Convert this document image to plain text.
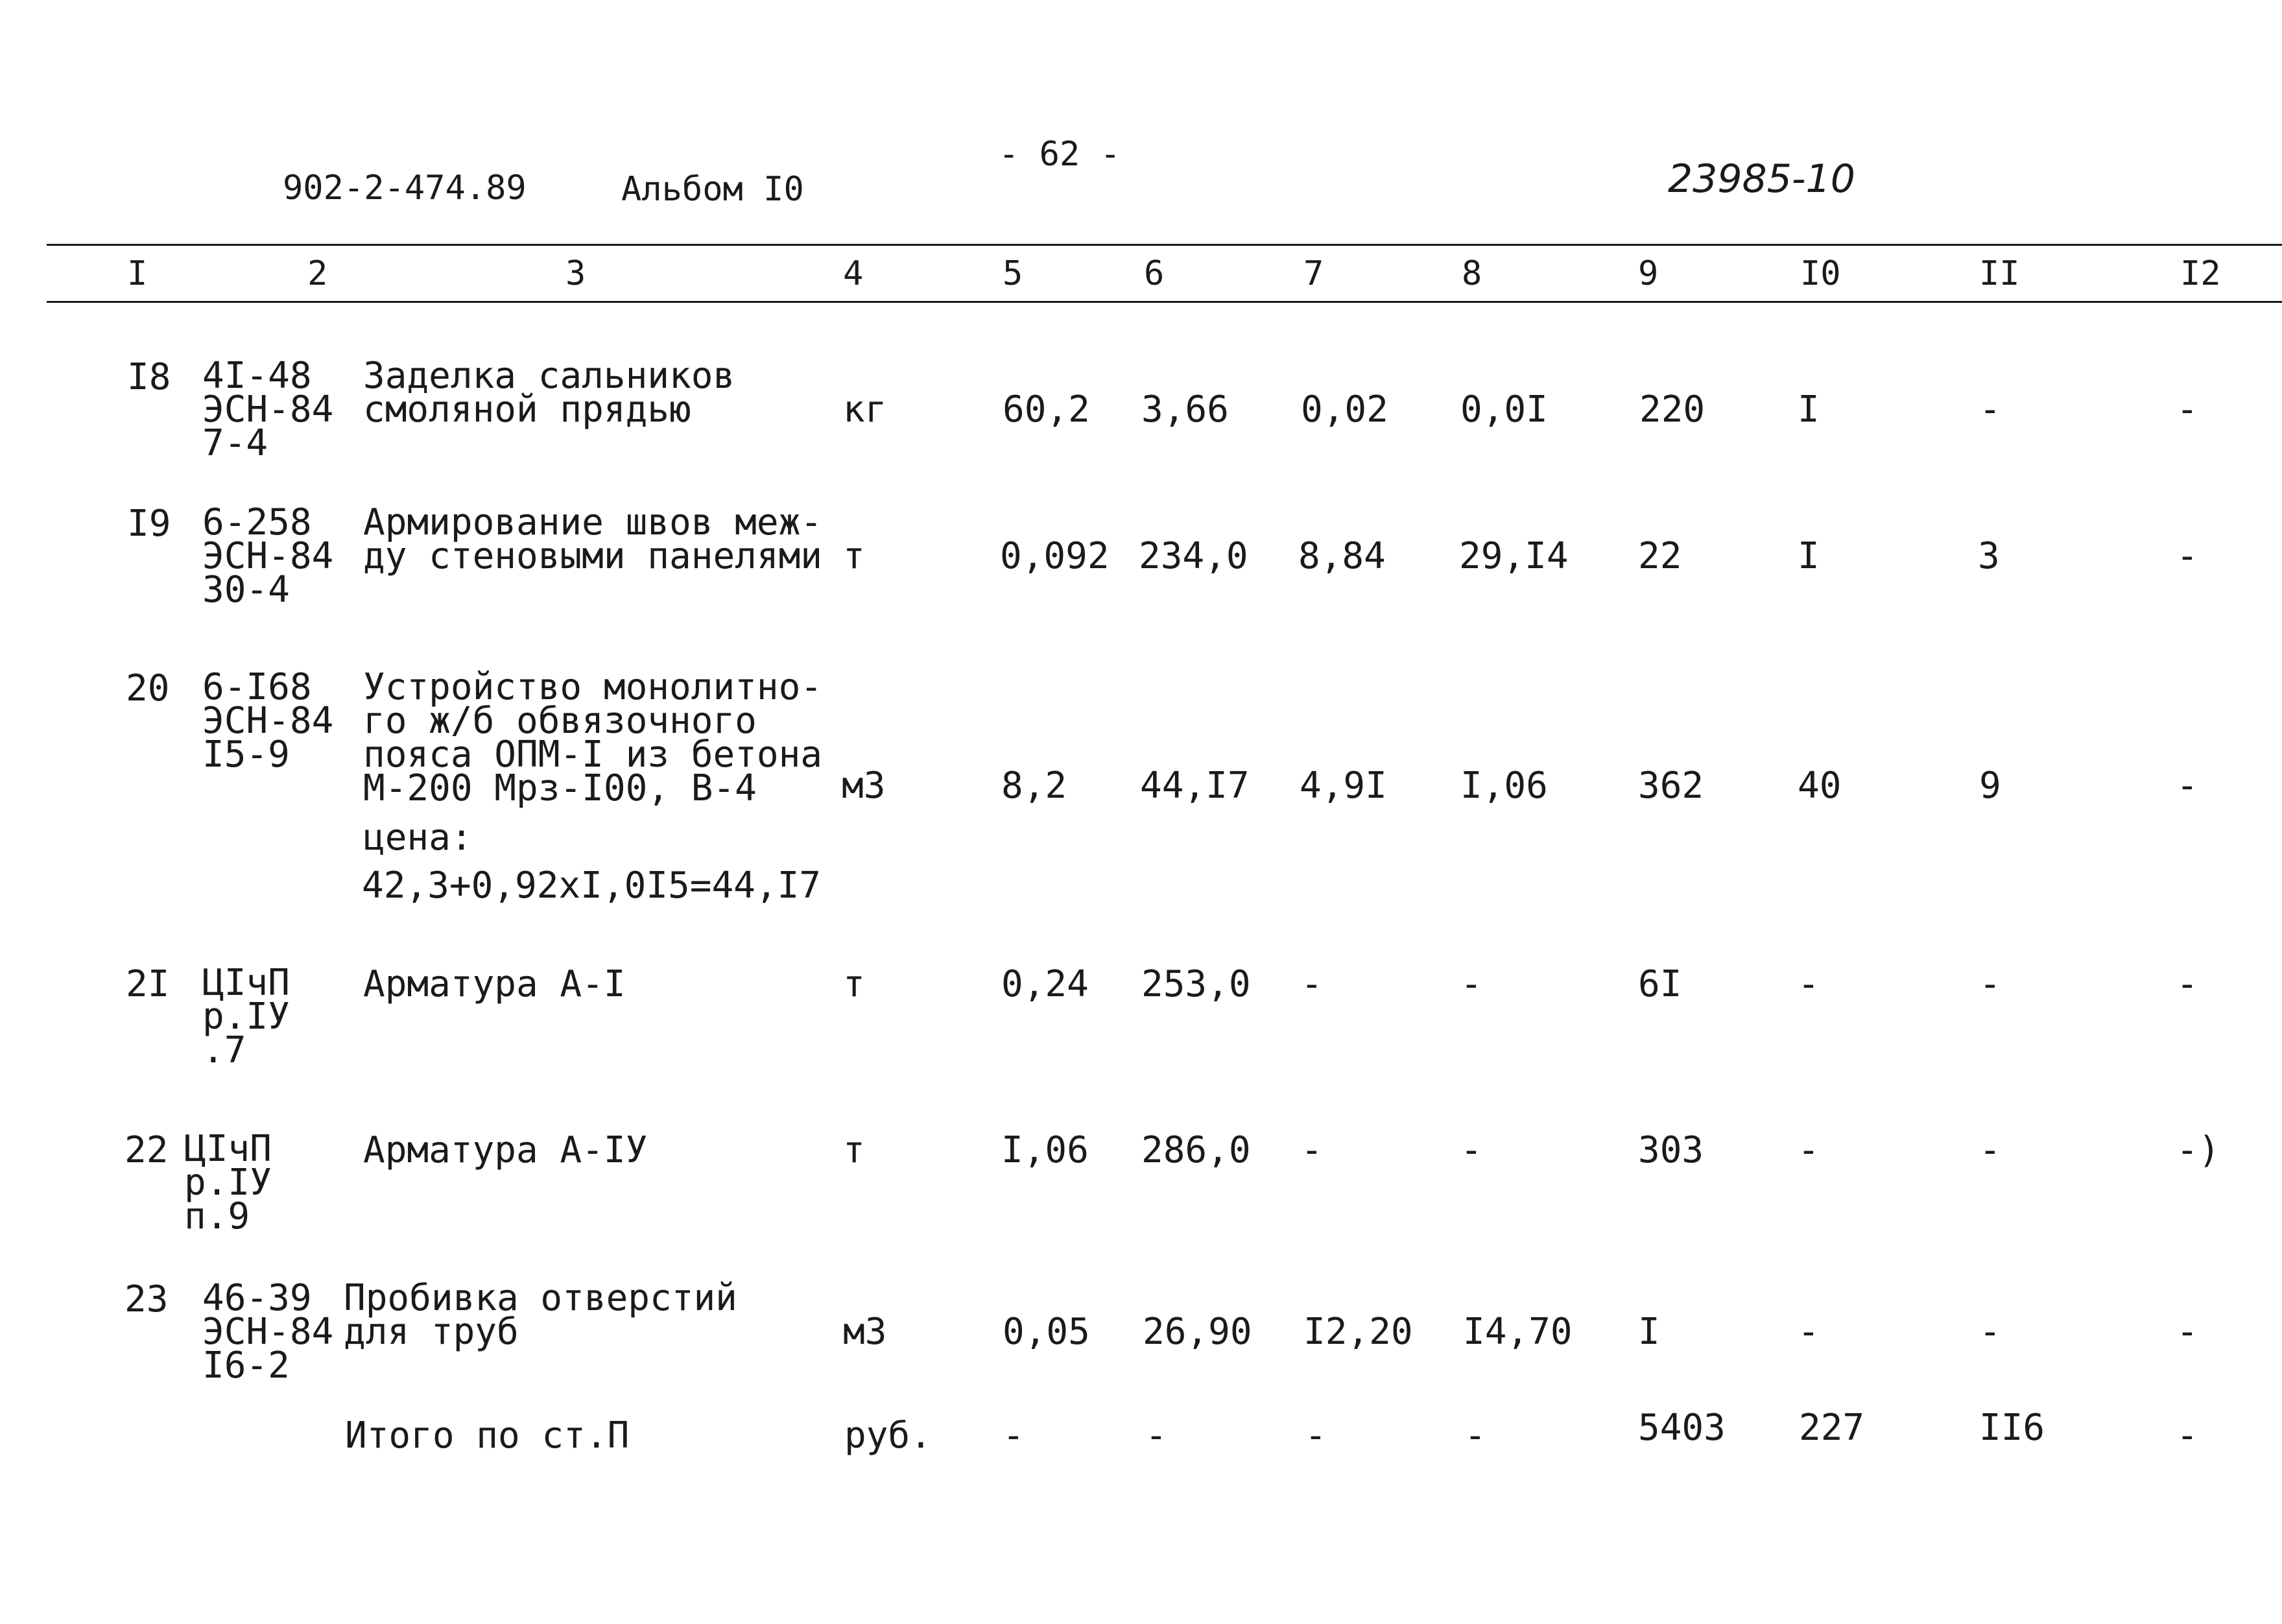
902-2-474.89	Альбом I0
- 62 -
23985-10
I	2	3	4	5	6	7	8	9	I0	II	I2
I8 4I-48
ЭСН-84
7-4
Заделка сальников
смоляной прядью	кг	60,2 3,66 0,02 0,0I	220	I	-	-
I9 6-258
ЭСН-84
30-4
Армирование швов меж-
ду стеновыми панелями т	0,092 234,0 8,84 29,I4 22	I	3	-
20 6-I68
ЭСН-84
I5-9
Устройство монолитно-
го ж/б обвязочного
пояса ОПМ-I из бетона
М-200 Мрз-I00, В-4
цена:
42,3+0,92хI,0I5=44,I7
м3	8,2 44,I7 4,9I I,06 362	40	9	-
2I ЦIчП
р.IУ
.7
Арматура А-I	т	0,24 253,0 -	-	6I	-	-	-
22 ЦIчП
р.IУ
п.9
Арматура А-IУ	т	I,06 286,0 -	-	303	-	-	-)
23 46-39
ЭСН-84
I6-2
Пробивка отверстий
для труб	м3	0,05 26,90 I2,20 I4,70 I	-	-	-
Итого по ст.П	руб. -	-	-	-	5403 227	II6	-
